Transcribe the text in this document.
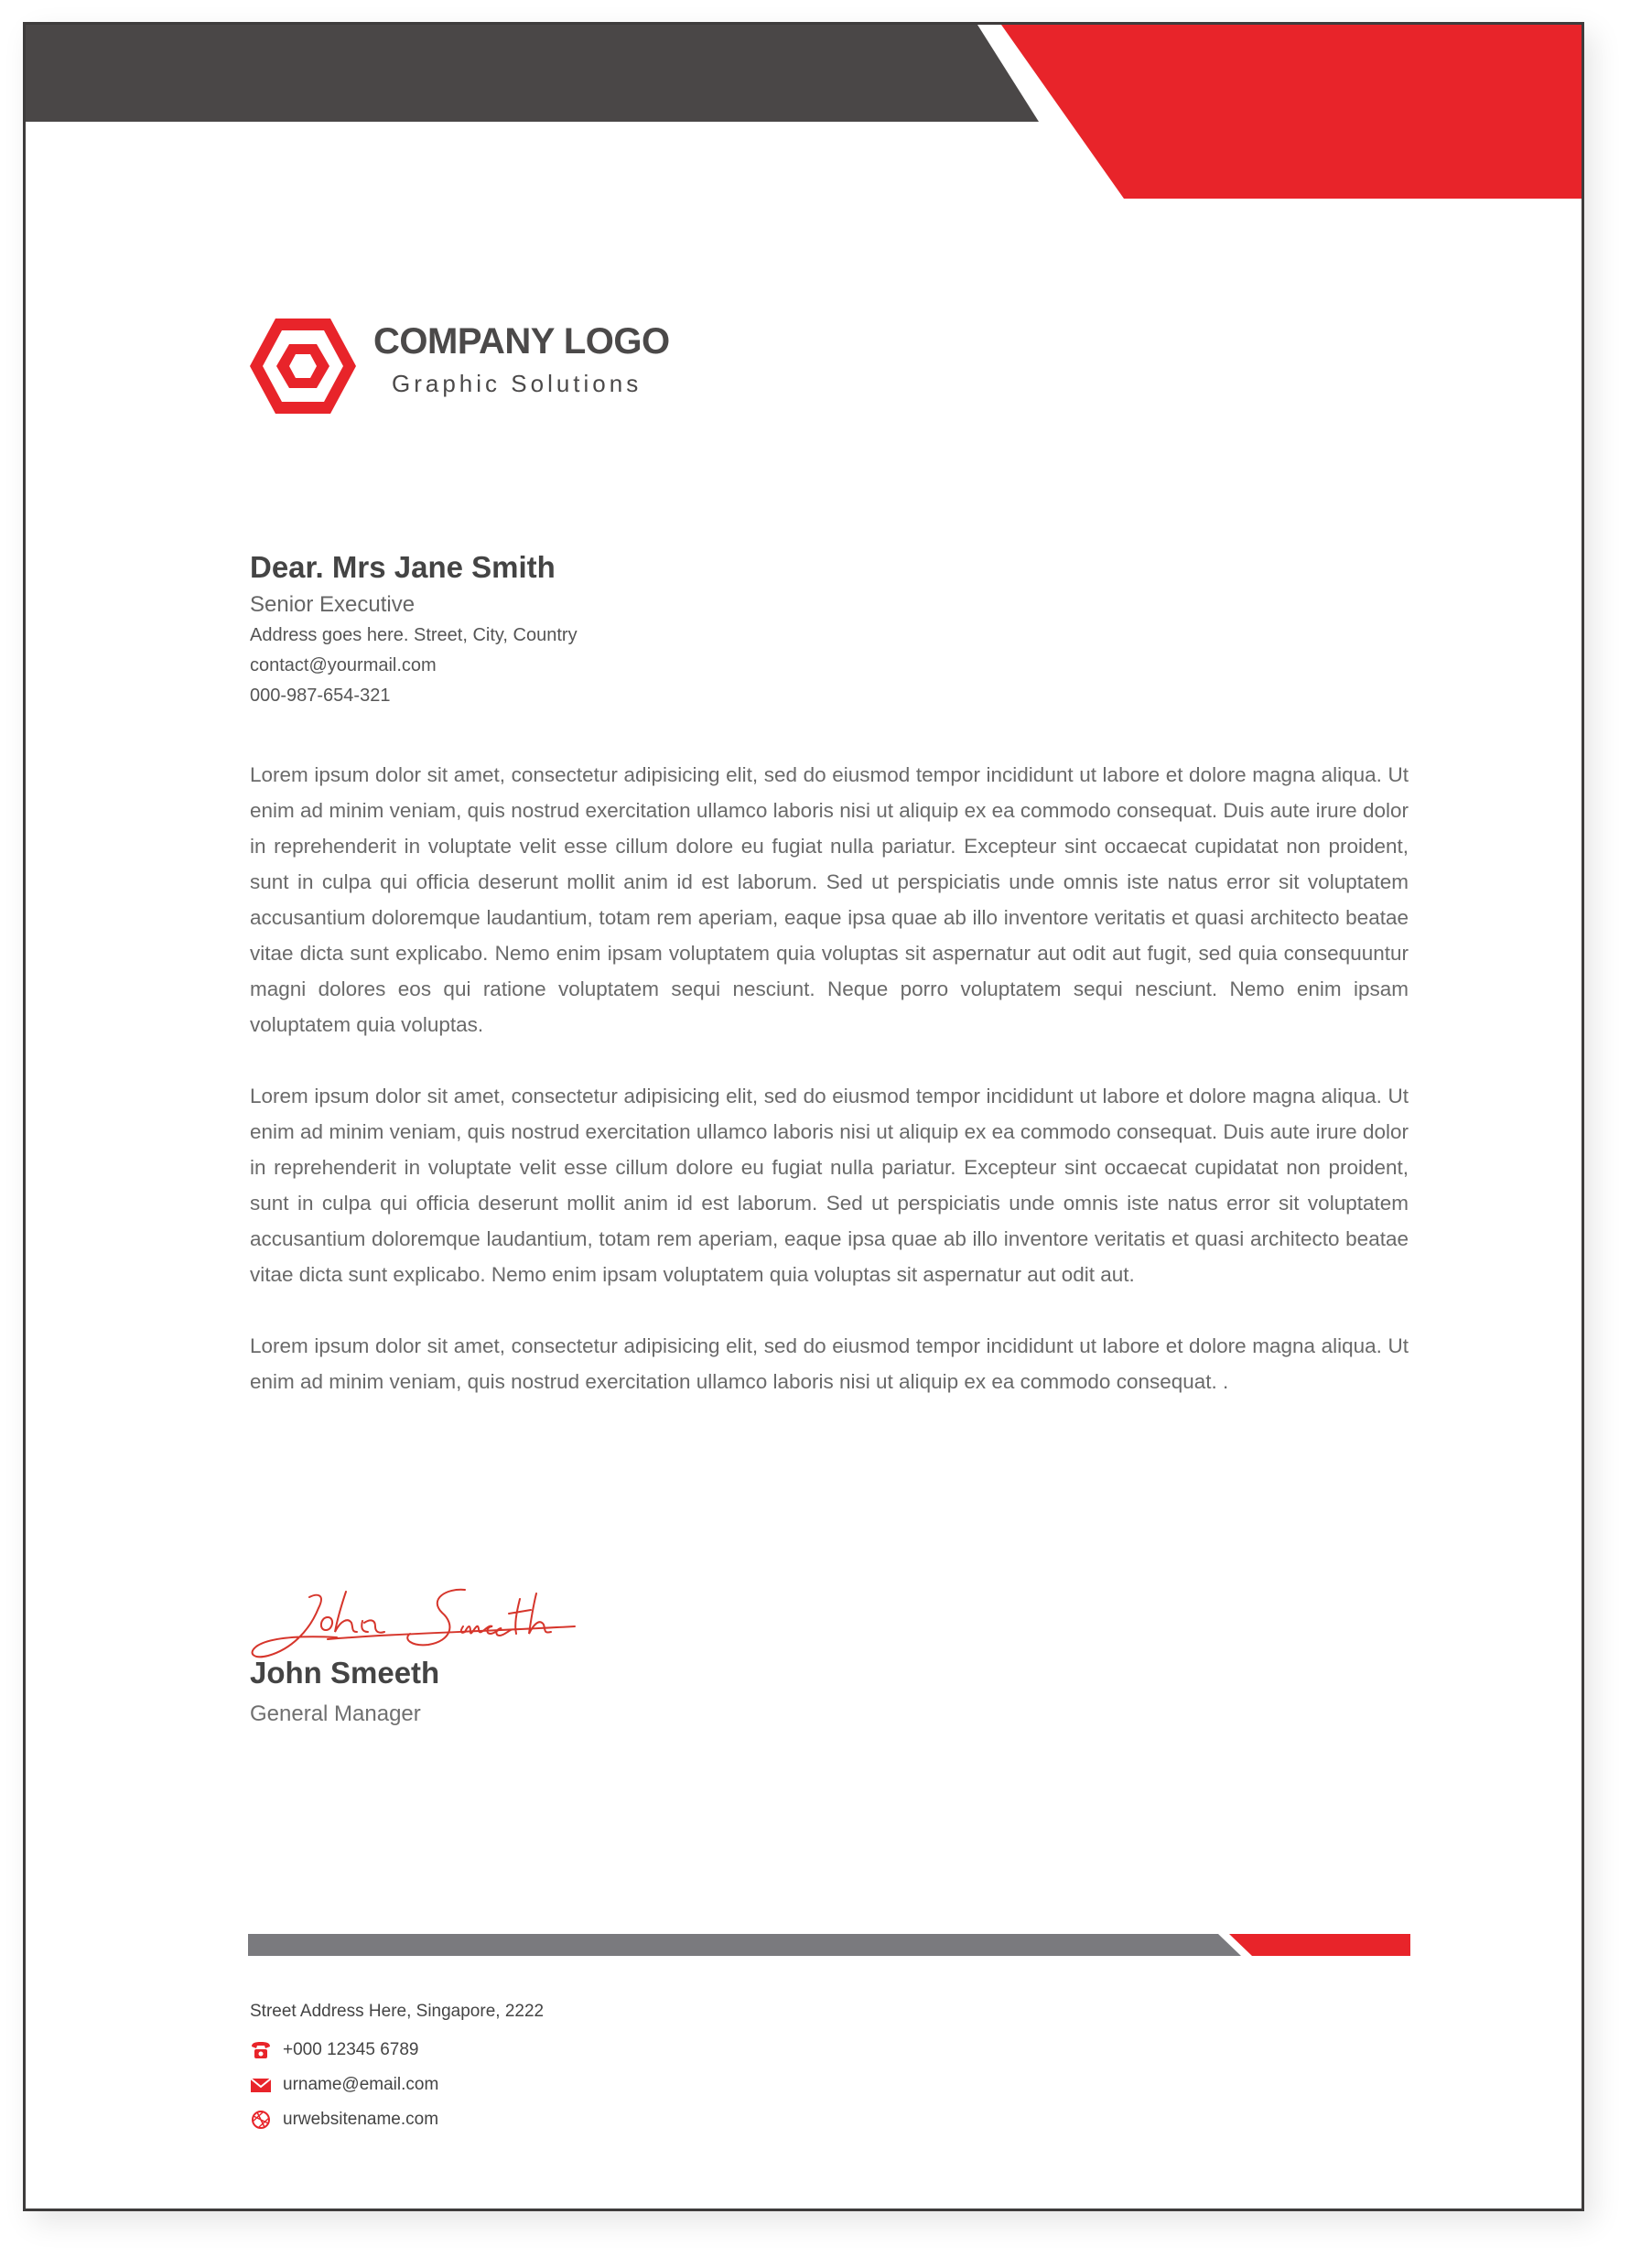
COMPANY LOGO

Graphic Solutions

Dear. Mrs Jane Smith

Senior Executive

Address goes here. Street, City, Country

contact@yourmail.com

000-987-654-321

Lorem ipsum dolor sit amet, consectetur adipisicing elit, sed do eiusmod tempor incididunt ut labore et dolore magna aliqua. Ut enim ad minim veniam, quis nostrud exercitation ullamco laboris nisi ut aliquip ex ea commodo consequat. Duis aute irure dolor in reprehenderit in voluptate velit esse cillum dolore eu fugiat nulla pariatur. Excepteur sint occaecat cupidatat non proident, sunt in culpa qui officia deserunt mollit anim id est laborum. Sed ut perspiciatis unde omnis iste natus error sit voluptatem accusantium doloremque laudantium, totam rem aperiam, eaque ipsa quae ab illo inventore veritatis et quasi architecto beatae vitae dicta sunt explicabo. Nemo enim ipsam voluptatem quia voluptas sit aspernatur aut odit aut fugit, sed quia consequuntur magni dolores eos qui ratione voluptatem sequi nesciunt. Neque porro voluptatem sequi nesciunt. Nemo enim ipsam voluptatem quia voluptas.

Lorem ipsum dolor sit amet, consectetur adipisicing elit, sed do eiusmod tempor incididunt ut labore et dolore magna aliqua. Ut enim ad minim veniam, quis nostrud exercitation ullamco laboris nisi ut aliquip ex ea commodo consequat. Duis aute irure dolor in reprehenderit in voluptate velit esse cillum dolore eu fugiat nulla pariatur. Excepteur sint occaecat cupidatat non proident, sunt in culpa qui officia deserunt mollit anim id est laborum. Sed ut perspiciatis unde omnis iste natus error sit voluptatem accusantium doloremque laudantium, totam rem aperiam, eaque ipsa quae ab illo inventore veritatis et quasi architecto beatae vitae dicta sunt explicabo. Nemo enim ipsam voluptatem quia voluptas sit aspernatur aut odit aut.

Lorem ipsum dolor sit amet, consectetur adipisicing elit, sed do eiusmod tempor incididunt ut labore et dolore magna aliqua. Ut enim ad minim veniam, quis nostrud exercitation ullamco laboris nisi ut aliquip ex ea commodo consequat. .

John Smeeth

General Manager

Street Address Here, Singapore, 2222

+000 12345 6789
urname@email.com
urwebsitename.com
